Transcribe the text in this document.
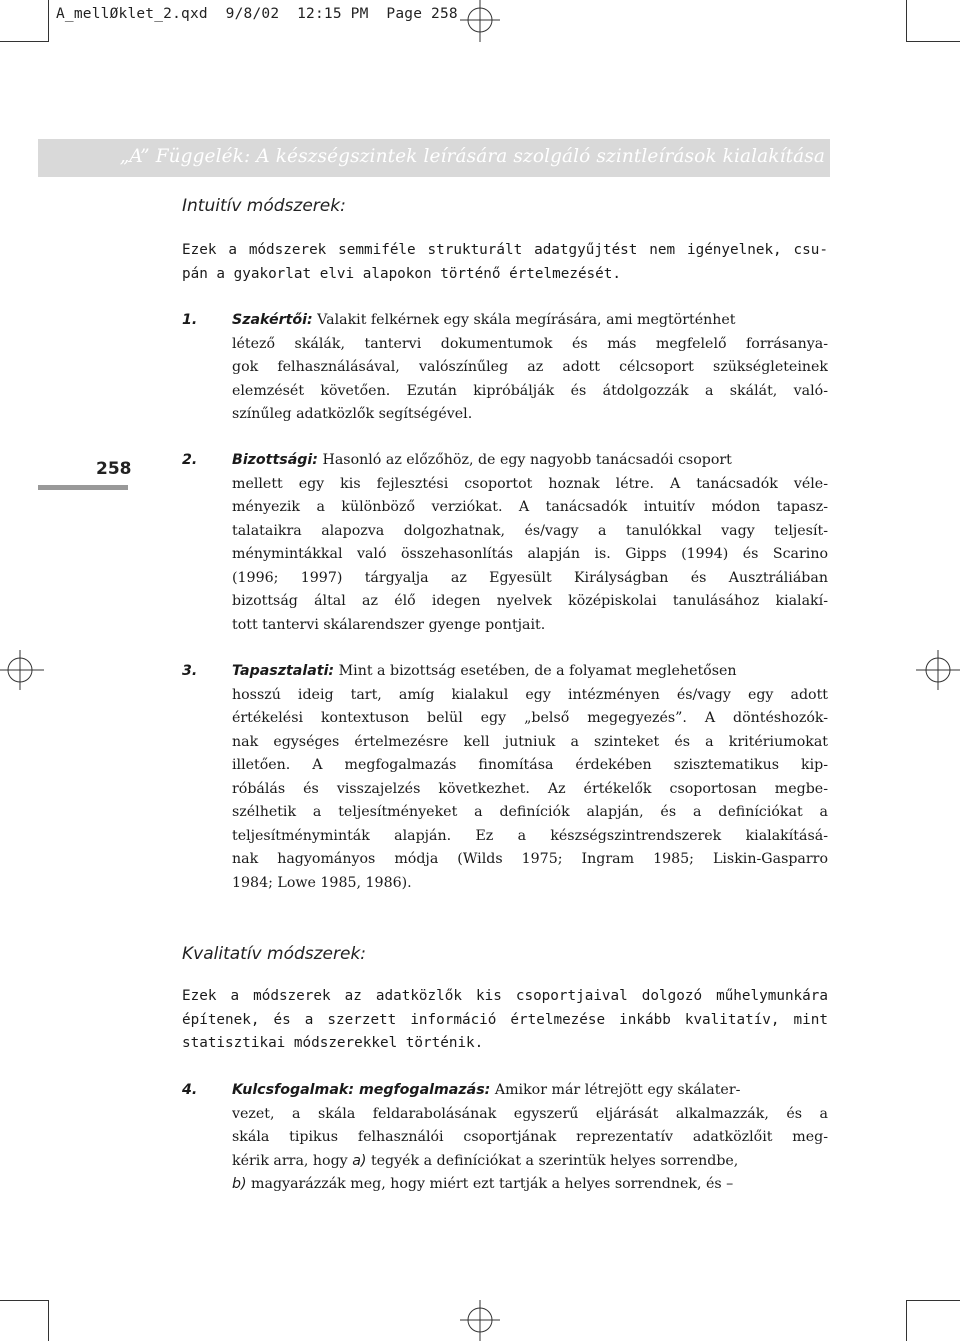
A_mellØklet_2.qxd  9/8/02  12:15 PM  Page 258
„A” Függelék: A készségszintek leírására szolgáló szintleírások kialakítása
Intuitív módszerek:
Ezek a módszerek semmiféle strukturált adatgyűjtést nem igényelnek, csu-
pán a gyakorlat elvi alapokon történő értelmezését.
1. Szakértői: Valakit felkérnek egy skála megírására, ami megtörténhet
létező skálák, tantervi dokumentumok és más megfelelő forrásanya-
gok felhasználásával, valószínűleg az adott célcsoport szükségleteinek
elemzését követően. Ezután kipróbálják és átdolgozzák a skálát, való-
színűleg adatközlők segítségével.
258	2. Bizottsági: Hasonló az előzőhöz, de egy nagyobb tanácsadói csoport
mellett egy kis fejlesztési csoportot hoznak létre. A tanácsadók véle-
ményezik a különböző verziókat. A tanácsadók intuitív módon tapasz-
talataikra alapozva dolgozhatnak, és/vagy a tanulókkal vagy teljesít-
ménymintákkal való összehasonlítás alapján is. Gipps (1994) és Scarino
(1996; 1997) tárgyalja az Egyesült Királyságban és Ausztráliában
bizottság által az élő idegen nyelvek középiskolai tanulásához kialakí-
tott tantervi skálarendszer gyenge pontjait.
3. Tapasztalati: Mint a bizottság esetében, de a folyamat meglehetősen
hosszú ideig tart, amíg kialakul egy intézményen és/vagy egy adott
értékelési kontextuson belül egy „belső megegyezés”. A döntéshozók-
nak egységes értelmezésre kell jutniuk a szinteket és a kritériumokat
illetően. A megfogalmazás finomítása érdekében szisztematikus kip-
róbálás és visszajelzés következhet. Az értékelők csoportosan megbe-
szélhetik a teljesítményeket a definíciók alapján, és a definíciókat a
teljesítményminták alapján. Ez a készségszintrendszerek kialakításá-
nak hagyományos módja (Wilds 1975; Ingram 1985; Liskin-Gasparro
1984; Lowe 1985, 1986).
Kvalitatív módszerek:
Ezek a módszerek az adatközlők kis csoportjaival dolgozó műhelymunkára
építenek, és a szerzett információ értelmezése inkább kvalitatív, mint
statisztikai módszerekkel történik.
4. Kulcsfogalmak: megfogalmazás: Amikor már létrejött egy skálater-
vezet, a skála feldarabolásának egyszerű eljárását alkalmazzák, és a
skála tipikus felhasználói csoportjának reprezentatív adatközlőit meg-
kérik arra, hogy a) tegyék a definíciókat a szerintük helyes sorrendbe,
b) magyarázzák meg, hogy miért ezt tartják a helyes sorrendnek, és –
